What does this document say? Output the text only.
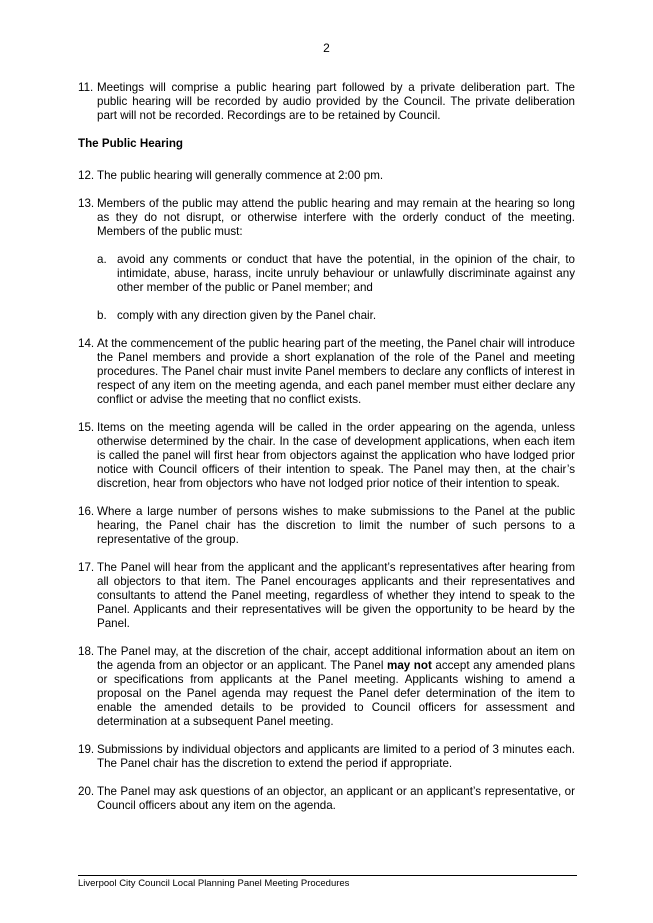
2
11. Meetings will comprise a public hearing part followed by a private deliberation part. The public hearing will be recorded by audio provided by the Council. The private deliberation part will not be recorded. Recordings are to be retained by Council.
The Public Hearing
12. The public hearing will generally commence at 2:00 pm.
13. Members of the public may attend the public hearing and may remain at the hearing so long as they do not disrupt, or otherwise interfere with the orderly conduct of the meeting. Members of the public must:
a. avoid any comments or conduct that have the potential, in the opinion of the chair, to intimidate, abuse, harass, incite unruly behaviour or unlawfully discriminate against any other member of the public or Panel member; and
b. comply with any direction given by the Panel chair.
14. At the commencement of the public hearing part of the meeting, the Panel chair will introduce the Panel members and provide a short explanation of the role of the Panel and meeting procedures. The Panel chair must invite Panel members to declare any conflicts of interest in respect of any item on the meeting agenda, and each panel member must either declare any conflict or advise the meeting that no conflict exists.
15. Items on the meeting agenda will be called in the order appearing on the agenda, unless otherwise determined by the chair. In the case of development applications, when each item is called the panel will first hear from objectors against the application who have lodged prior notice with Council officers of their intention to speak. The Panel may then, at the chair’s discretion, hear from objectors who have not lodged prior notice of their intention to speak.
16. Where a large number of persons wishes to make submissions to the Panel at the public hearing, the Panel chair has the discretion to limit the number of such persons to a representative of the group.
17. The Panel will hear from the applicant and the applicant’s representatives after hearing from all objectors to that item. The Panel encourages applicants and their representatives and consultants to attend the Panel meeting, regardless of whether they intend to speak to the Panel. Applicants and their representatives will be given the opportunity to be heard by the Panel.
18. The Panel may, at the discretion of the chair, accept additional information about an item on the agenda from an objector or an applicant. The Panel may not accept any amended plans or specifications from applicants at the Panel meeting. Applicants wishing to amend a proposal on the Panel agenda may request the Panel defer determination of the item to enable the amended details to be provided to Council officers for assessment and determination at a subsequent Panel meeting.
19. Submissions by individual objectors and applicants are limited to a period of 3 minutes each. The Panel chair has the discretion to extend the period if appropriate.
20. The Panel may ask questions of an objector, an applicant or an applicant’s representative, or Council officers about any item on the agenda.
Liverpool City Council Local Planning Panel Meeting Procedures
